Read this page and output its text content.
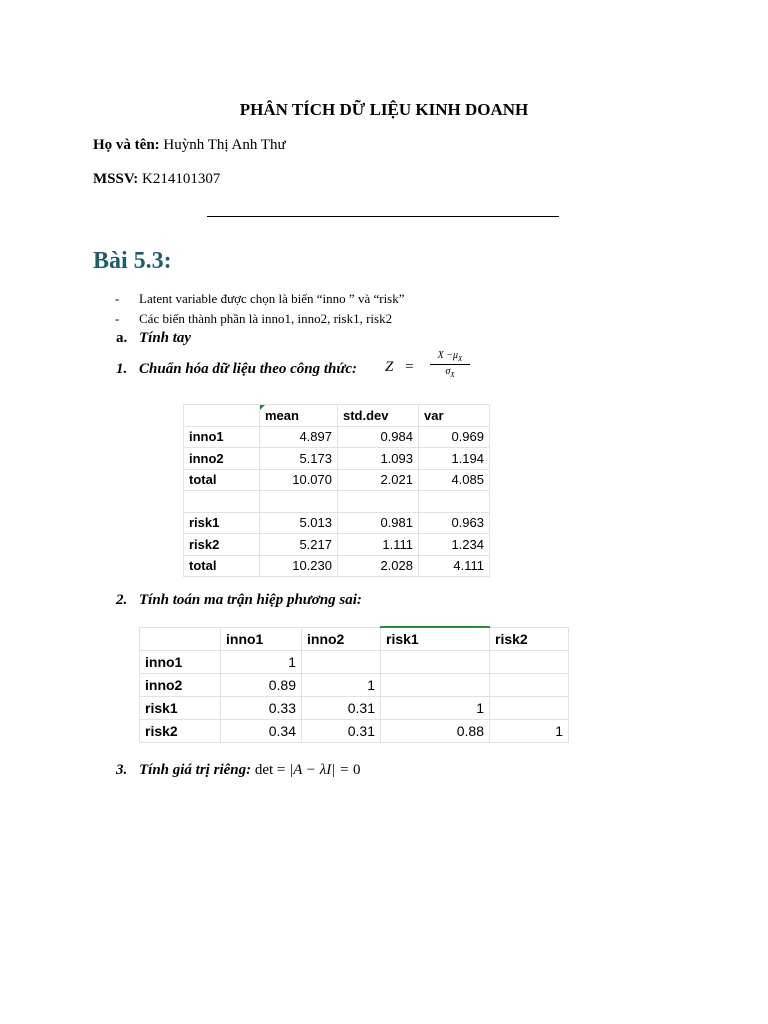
PHÂN TÍCH DỮ LIỆU KINH DOANH
Họ và tên: Huỳnh Thị Anh Thư
MSSV: K214101307
Bài 5.3:
- Latent variable được chọn là biến “inno ” và “risk”
- Các biến thành phần là inno1, inno2, risk1, risk2
a. Tính tay
1. Chuẩn hóa dữ liệu theo công thức: $Z = \frac{X -\mu_X}{\sigma_X}$
	mean	std.dev	var
inno1	4.897	0.984	0.969
inno2	5.173	1.093	1.194
total	10.070	2.021	4.085

risk1	5.013	0.981	0.963
risk2	5.217	1.111	1.234
total	10.230	2.028	4.111
2. Tính toán ma trận hiệp phương sai:
	inno1	inno2	risk1	risk2
inno1	1			
inno2	0.89	1		
risk1	0.33	0.31	1	
risk2	0.34	0.31	0.88	1
3. Tính giá trị riêng: det = |A − λI| = 0
